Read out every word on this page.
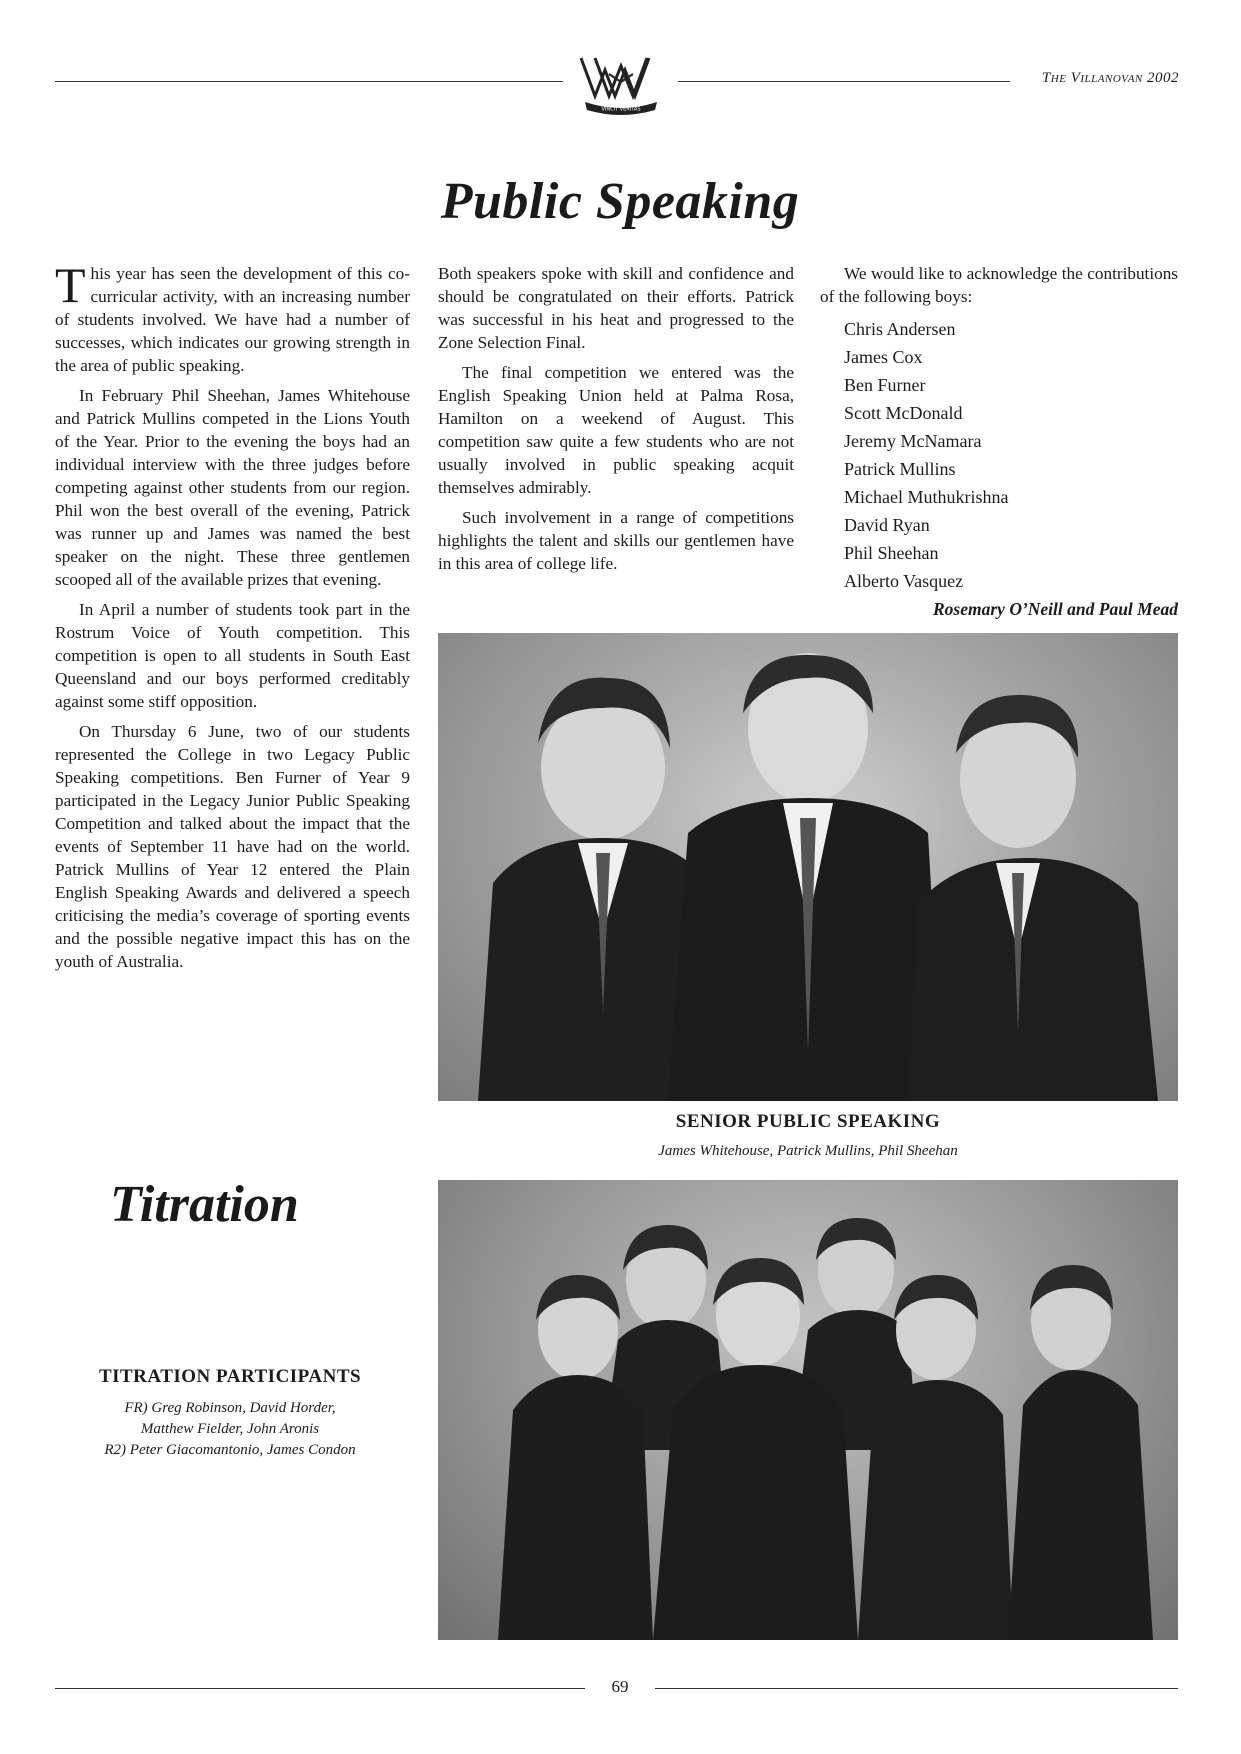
VINCIT VERITAS
The Villanovan 2002
Public Speaking

This year has seen the development of this co-curricular activity, with an increasing number of students involved. We have had a number of successes, which indicates our growing strength in the area of public speaking.

In February Phil Sheehan, James Whitehouse and Patrick Mullins competed in the Lions Youth of the Year. Prior to the evening the boys had an individual interview with the three judges before competing against other students from our region. Phil won the best overall of the evening, Patrick was runner up and James was named the best speaker on the night. These three gentlemen scooped all of the available prizes that evening.

In April a number of students took part in the Rostrum Voice of Youth competition. This competition is open to all students in South East Queensland and our boys performed creditably against some stiff opposition.

On Thursday 6 June, two of our students represented the College in two Legacy Public Speaking competitions. Ben Furner of Year 9 participated in the Legacy Junior Public Speaking Competition and talked about the impact that the events of September 11 have had on the world. Patrick Mullins of Year 12 entered the Plain English Speaking Awards and delivered a speech criticising the media’s coverage of sporting events and the possible negative impact this has on the youth of Australia.

Both speakers spoke with skill and confidence and should be congratulated on their efforts. Patrick was successful in his heat and progressed to the Zone Selection Final.

The final competition we entered was the English Speaking Union held at Palma Rosa, Hamilton on a weekend of August. This competition saw quite a few students who are not usually involved in public speaking acquit themselves admirably.

Such involvement in a range of competitions highlights the talent and skills our gentlemen have in this area of college life.

We would like to acknowledge the contributions of the following boys:

Chris Andersen
James Cox
Ben Furner
Scott McDonald
Jeremy McNamara
Patrick Mullins
Michael Muthukrishna
David Ryan
Phil Sheehan
Alberto Vasquez
Rosemary O’Neill and Paul Mead
SENIOR PUBLIC SPEAKING
James Whitehouse, Patrick Mullins, Phil Sheehan
Titration
TITRATION PARTICIPANTS
FR) Greg Robinson, David Horder,
Matthew Fielder, John Aronis
R2) Peter Giacomantonio, James Condon
69
